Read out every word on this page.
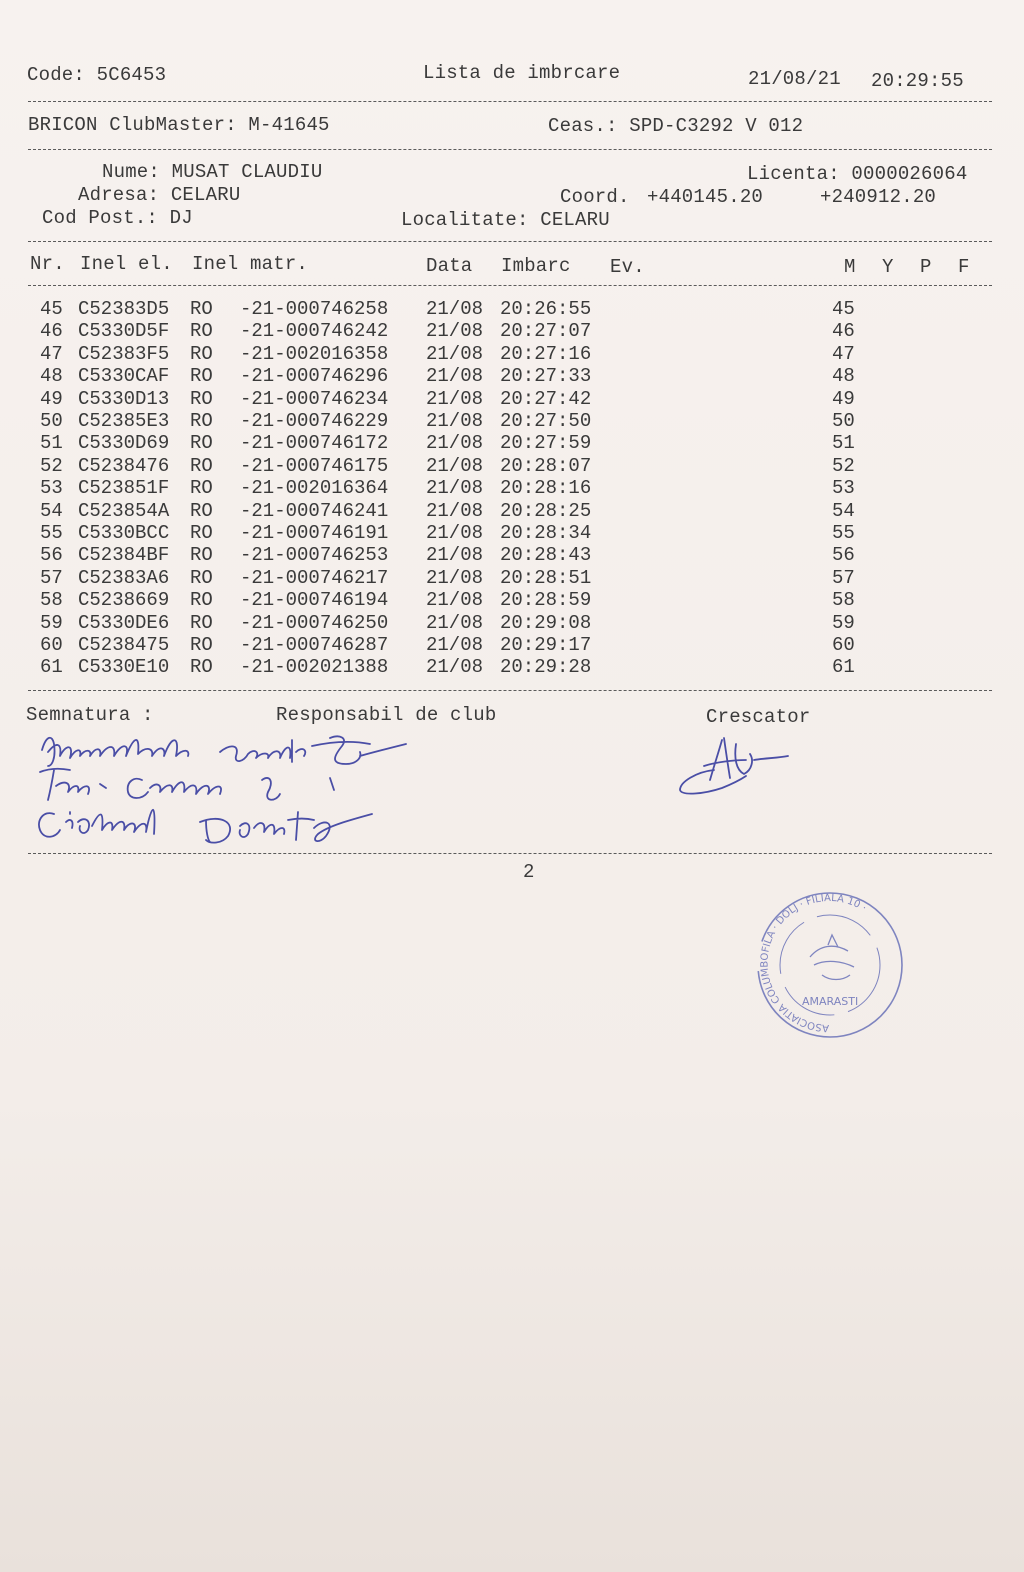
Code: 5C6453	Lista de imbrcare	21/08/21 20:29:55
BRICON ClubMaster: M-41645	Ceas.: SPD-C3292 V 012
Nume: MUSAT CLAUDIU	Licenta: 0000026064
Adresa: CELARU	Coord. +440145.20	+240912.20
Cod Post.: DJ	Localitate: CELARU
Nr. Inel el. Inel matr.	Data Imbarc Ev.	M Y P F
45 C52383D5 RO -21-000746258 21/08 20:26:55	45
46 C5330D5F RO -21-000746242 21/08 20:27:07	46
47 C52383F5 RO -21-002016358 21/08 20:27:16	47
48 C5330CAF RO -21-000746296 21/08 20:27:33	48
49 C5330D13 RO -21-000746234 21/08 20:27:42	49
50 C52385E3 RO -21-000746229 21/08 20:27:50	50
51 C5330D69 RO -21-000746172 21/08 20:27:59	51
52 C5238476 RO -21-000746175 21/08 20:28:07	52
53 C523851F RO -21-002016364 21/08 20:28:16	53
54 C523854A RO -21-000746241 21/08 20:28:25	54
55 C5330BCC RO -21-000746191 21/08 20:28:34	55
56 C52384BF RO -21-000746253 21/08 20:28:43	56
57 C52383A6 RO -21-000746217 21/08 20:28:51	57
58 C5238669 RO -21-000746194 21/08 20:28:59	58
59 C5330DE6 RO -21-000746250 21/08 20:29:08	59
60 C5238475 RO -21-000746287 21/08 20:29:17	60
61 C5330E10 RO -21-002021388 21/08 20:29:28	61
Semnatura :	Responsabil de club	Crescator
2
ASOCIATIA COLUMBOFILA · DOLJ · FILIALA 10 ·
AMARASTI
